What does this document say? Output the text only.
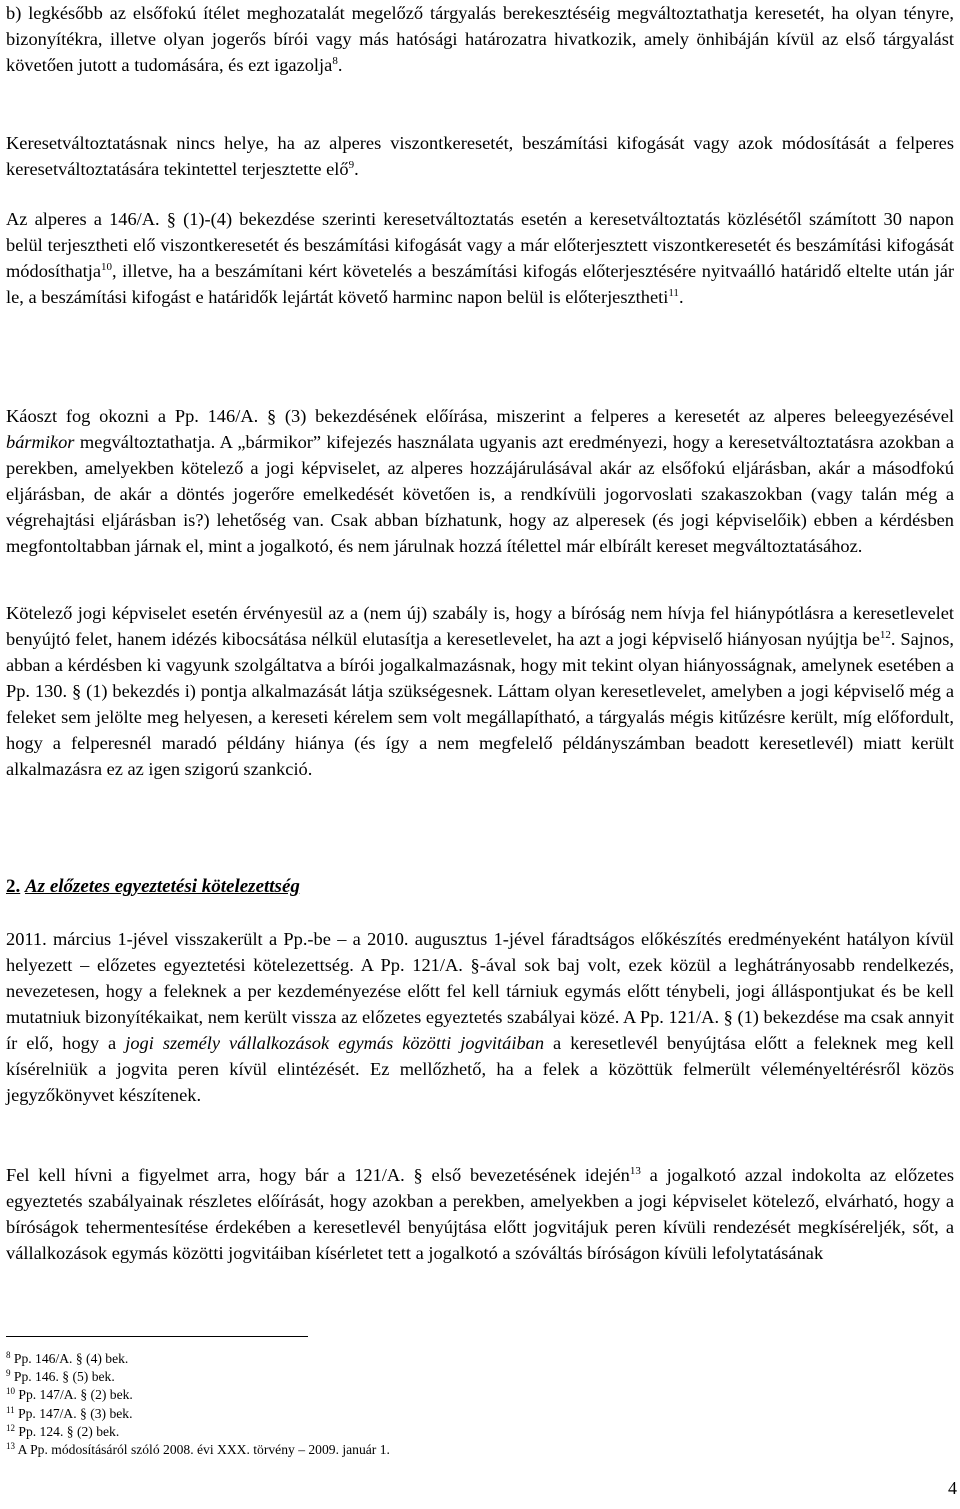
b) legkésőbb az elsőfokú ítélet meghozatalát megelőző tárgyalás berekesztéséig megváltoztathatja keresetét, ha olyan tényre, bizonyítékra, illetve olyan jogerős bírói vagy más hatósági határozatra hivatkozik, amely önhibáján kívül az első tárgyalást követően jutott a tudomására, és ezt igazolja$^8$.

Keresetváltoztatásnak nincs helye, ha az alperes viszontkeresetét, beszámítási kifogását vagy azok módosítását a felperes keresetváltoztatására tekintettel terjesztette elő$^9$.

Az alperes a 146/A. § (1)-(4) bekezdése szerinti keresetváltoztatás esetén a keresetváltoztatás közlésétől számított 30 napon belül terjesztheti elő viszontkeresetét és beszámítási kifogását vagy a már előterjesztett viszontkeresetét és beszámítási kifogását módosíthatja$^{10}$, illetve, ha a beszámítani kért követelés a beszámítási kifogás előterjesztésére nyitvaálló határidő eltelte után jár le, a beszámítási kifogást e határidők lejártát követő harminc napon belül is előterjesztheti$^{11}$.

Káoszt fog okozni a Pp. 146/A. § (3) bekezdésének előírása, miszerint a felperes a keresetét az alperes beleegyezésével bármikor megváltoztathatja. A „bármikor” kifejezés használata ugyanis azt eredményezi, hogy a keresetváltoztatásra azokban a perekben, amelyekben kötelező a jogi képviselet, az alperes hozzájárulásával akár az elsőfokú eljárásban, akár a másodfokú eljárásban, de akár a döntés jogerőre emelkedését követően is, a rendkívüli jogorvoslati szakaszokban (vagy talán még a végrehajtási eljárásban is?) lehetőség van. Csak abban bízhatunk, hogy az alperesek (és jogi képviselőik) ebben a kérdésben megfontoltabban járnak el, mint a jogalkotó, és nem járulnak hozzá ítélettel már elbírált kereset megváltoztatásához.

Kötelező jogi képviselet esetén érvényesül az a (nem új) szabály is, hogy a bíróság nem hívja fel hiánypótlásra a keresetlevelet benyújtó felet, hanem idézés kibocsátása nélkül elutasítja a keresetlevelet, ha azt a jogi képviselő hiányosan nyújtja $be^{12}$. Sajnos, abban a kérdésben ki vagyunk szolgáltatva a bírói jogalkalmazásnak, hogy mit tekint olyan hiányosságnak, amelynek esetében a Pp. 130. § (1) bekezdés i) pontja alkalmazását látja szükségesnek. Láttam olyan keresetlevelet, amelyben a jogi képviselő még a feleket sem jelölte meg helyesen, a kereseti kérelem sem volt megállapítható, a tárgyalás mégis kitűzésre került, míg előfordult, hogy a felperesnél maradó példány hiánya (és így a nem megfelelő példányszámban beadott keresetlevél) miatt került alkalmazásra ez az igen szigorú szankció.

2. Az előzetes egyeztetési kötelezettség

2011. március 1-jével visszakerült a Pp.-be – a 2010. augusztus 1-jével fáradtságos előkészítés eredményeként hatályon kívül helyezett – előzetes egyeztetési kötelezettség. A Pp. 121/A. §-ával sok baj volt, ezek közül a leghátrányosabb rendelkezés, nevezetesen, hogy a feleknek a per kezdeményezése előtt fel kell tárniuk egymás előtt ténybeli, jogi álláspontjukat és be kell mutatniuk bizonyítékaikat, nem került vissza az előzetes egyeztetés szabályai közé. A Pp. 121/A. § (1) bekezdése ma csak annyit ír elő, hogy a jogi személy vállalkozások egymás közötti jogvitáiban a keresetlevél benyújtása előtt a feleknek meg kell kísérelniük a jogvita peren kívül elintézését. Ez mellőzhető, ha a felek a közöttük felmerült véleményeltérésről közös jegyzőkönyvet készítenek.

Fel kell hívni a figyelmet arra, hogy bár a 121/A. § első bevezetésének idején$^{13}$ a jogalkotó azzal indokolta az előzetes egyeztetés szabályainak részletes előírását, hogy azokban a perekben, amelyekben a jogi képviselet kötelező, elvárható, hogy a bíróságok tehermentesítése érdekében a keresetlevél benyújtása előtt jogvitájuk peren kívüli rendezését megkíséreljék, sőt, a vállalkozások egymás közötti jogvitáiban kísérletet tett a jogalkotó a szóváltás bíróságon kívüli lefolytatásának

$^8$ Pp. 146/A. § (4) bek.

$^9$ Pp. 146. § (5) bek.

$^{10}$ Pp. 147/A. § (2) bek.

$^{11}$ Pp. 147/A. § (3) bek.

$^{12}$ Pp. 124. § (2) bek.

$^{13}$ A Pp. módosításáról szóló 2008. évi XXX. törvény – 2009. január 1.

4
